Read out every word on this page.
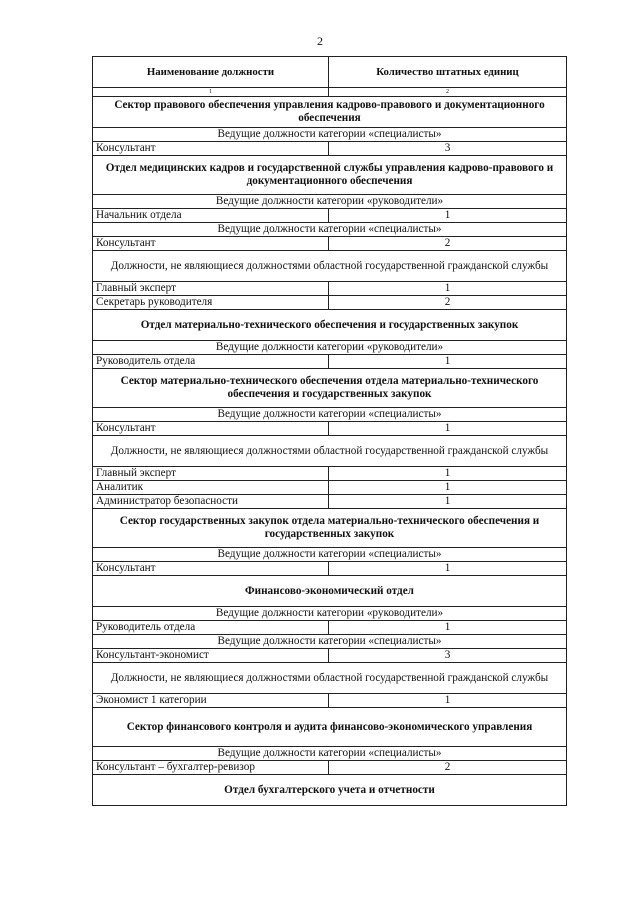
2
Наименование должности	Количество штатных единиц
1	2
Сектор правового обеспечения управления кадрово-правового и документационного обеспечения	
Ведущие должности категории «специалисты»	
Консультант	3
Отдел медицинских кадров и государственной службы управления кадрово-правового и документационного обеспечения	
Ведущие должности категории «руководители»	
Начальник отдела	1
Ведущие должности категории «специалисты»	
Консультант	2
Должности, не являющиеся должностями областной государственной гражданской службы	
Главный эксперт	1
Секретарь руководителя	2
Отдел материально-технического обеспечения и государственных закупок	
Ведущие должности категории «руководители»	
Руководитель отдела	1
Сектор материально-технического обеспечения отдела материально-технического обеспечения и государственных закупок	
Ведущие должности категории «специалисты»	
Консультант	1
Должности, не являющиеся должностями областной государственной гражданской службы	
Главный эксперт	1
Аналитик	1
Администратор безопасности	1
Сектор государственных закупок отдела материально-технического обеспечения и государственных закупок	
Ведущие должности категории «специалисты»	
Консультант	1
Финансово-экономический отдел	
Ведущие должности категории «руководители»	
Руководитель отдела	1
Ведущие должности категории «специалисты»	
Консультант-экономист	3
Должности, не являющиеся должностями областной государственной гражданской службы	
Экономист 1 категории	1
Сектор финансового контроля и аудита финансово-экономического управления	
Ведущие должности категории «специалисты»	
Консультант – бухгалтер-ревизор	2
Отдел бухгалтерского учета и отчетности	
